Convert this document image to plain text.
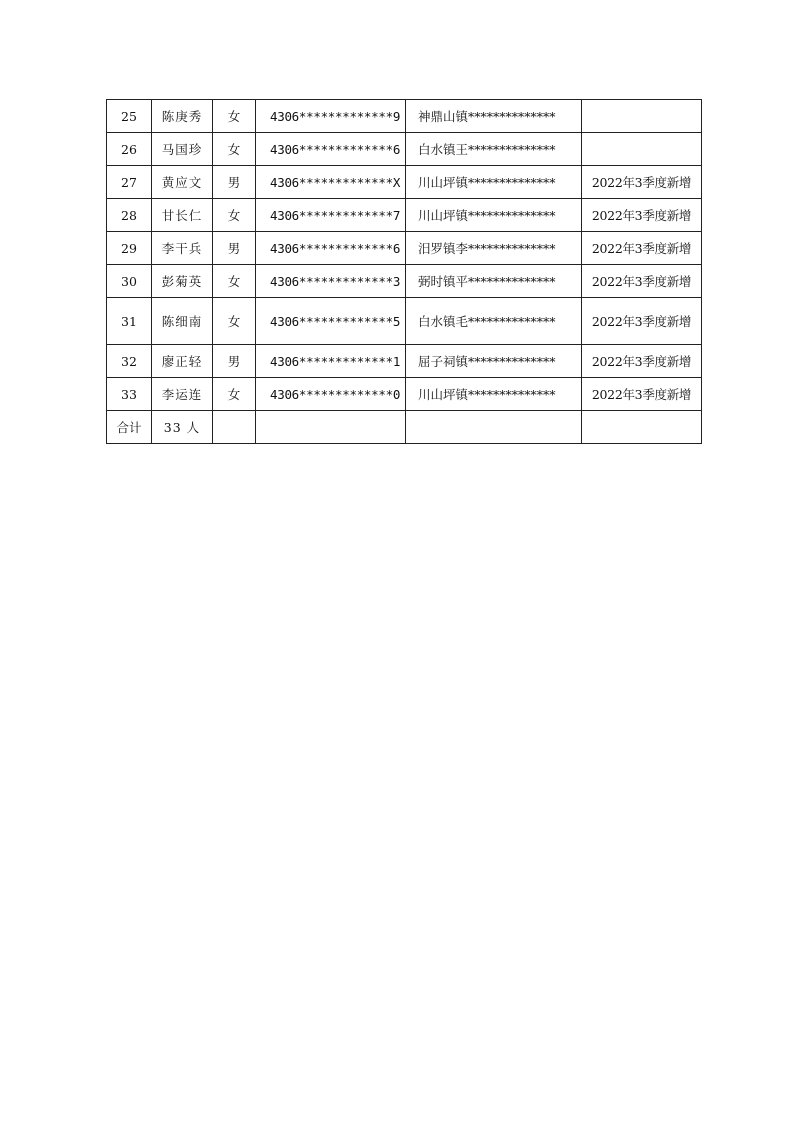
25	陈庚秀	女	4306*************9	神鼎山镇**************	
26	马国珍	女	4306*************6	白水镇王**************	
27	黄应文	男	4306*************X	川山坪镇**************	2022年3季度新增
28	甘长仁	女	4306*************7	川山坪镇**************	2022年3季度新增
29	李干兵	男	4306*************6	汨罗镇李**************	2022年3季度新增
30	彭菊英	女	4306*************3	弼时镇平**************	2022年3季度新增
31	陈细南	女	4306*************5	白水镇毛**************	2022年3季度新增
32	廖正轻	男	4306*************1	屈子祠镇**************	2022年3季度新增
33	李运连	女	4306*************0	川山坪镇**************	2022年3季度新增
合计	33 人				
